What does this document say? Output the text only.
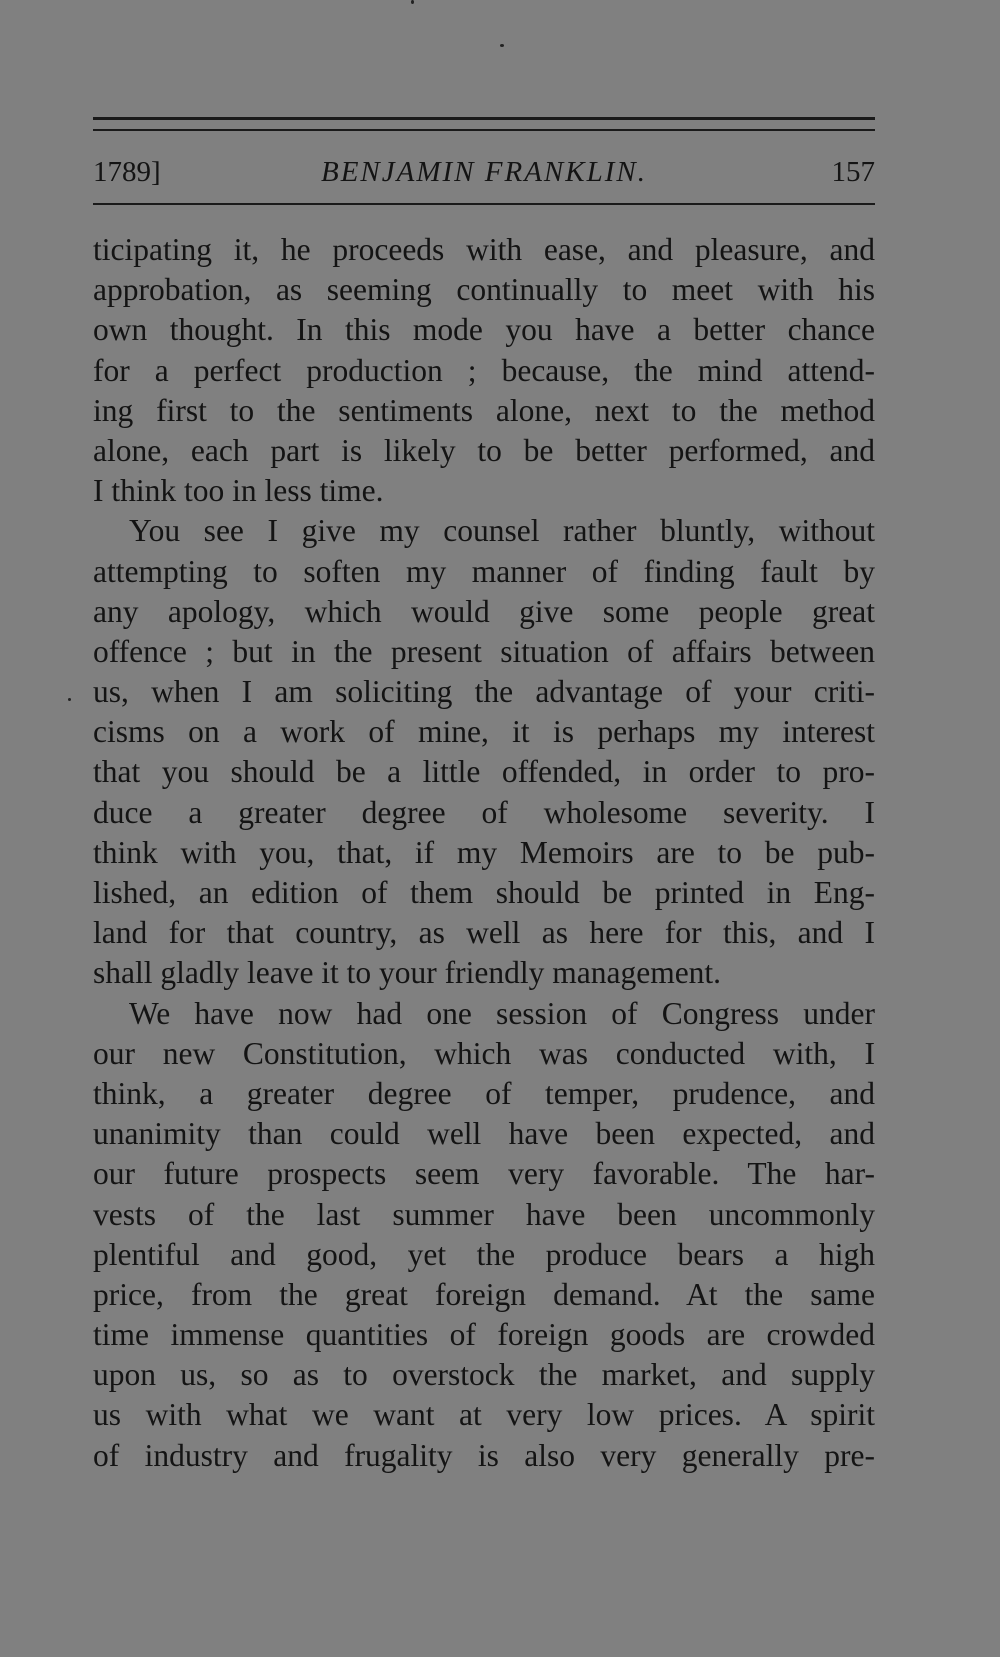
1789]	BENJAMIN FRANKLIN.	157
ticipating it, he proceeds with ease, and pleasure, and
approbation, as seeming continually to meet with his
own thought. In this mode you have a better chance
for a perfect production ; because, the mind attend-
ing first to the sentiments alone, next to the method
alone, each part is likely to be better performed, and
I think too in less time.
You see I give my counsel rather bluntly, without
attempting to soften my manner of finding fault by
any apology, which would give some people great
offence ; but in the present situation of affairs between
us, when I am soliciting the advantage of your criti-
cisms on a work of mine, it is perhaps my interest
that you should be a little offended, in order to pro-
duce a greater degree of wholesome severity. I
think with you, that, if my Memoirs are to be pub-
lished, an edition of them should be printed in Eng-
land for that country, as well as here for this, and I
shall gladly leave it to your friendly management.
We have now had one session of Congress under
our new Constitution, which was conducted with, I
think, a greater degree of temper, prudence, and
unanimity than could well have been expected, and
our future prospects seem very favorable. The har-
vests of the last summer have been uncommonly
plentiful and good, yet the produce bears a high
price, from the great foreign demand. At the same
time immense quantities of foreign goods are crowded
upon us, so as to overstock the market, and supply
us with what we want at very low prices. A spirit
of industry and frugality is also very generally pre-
